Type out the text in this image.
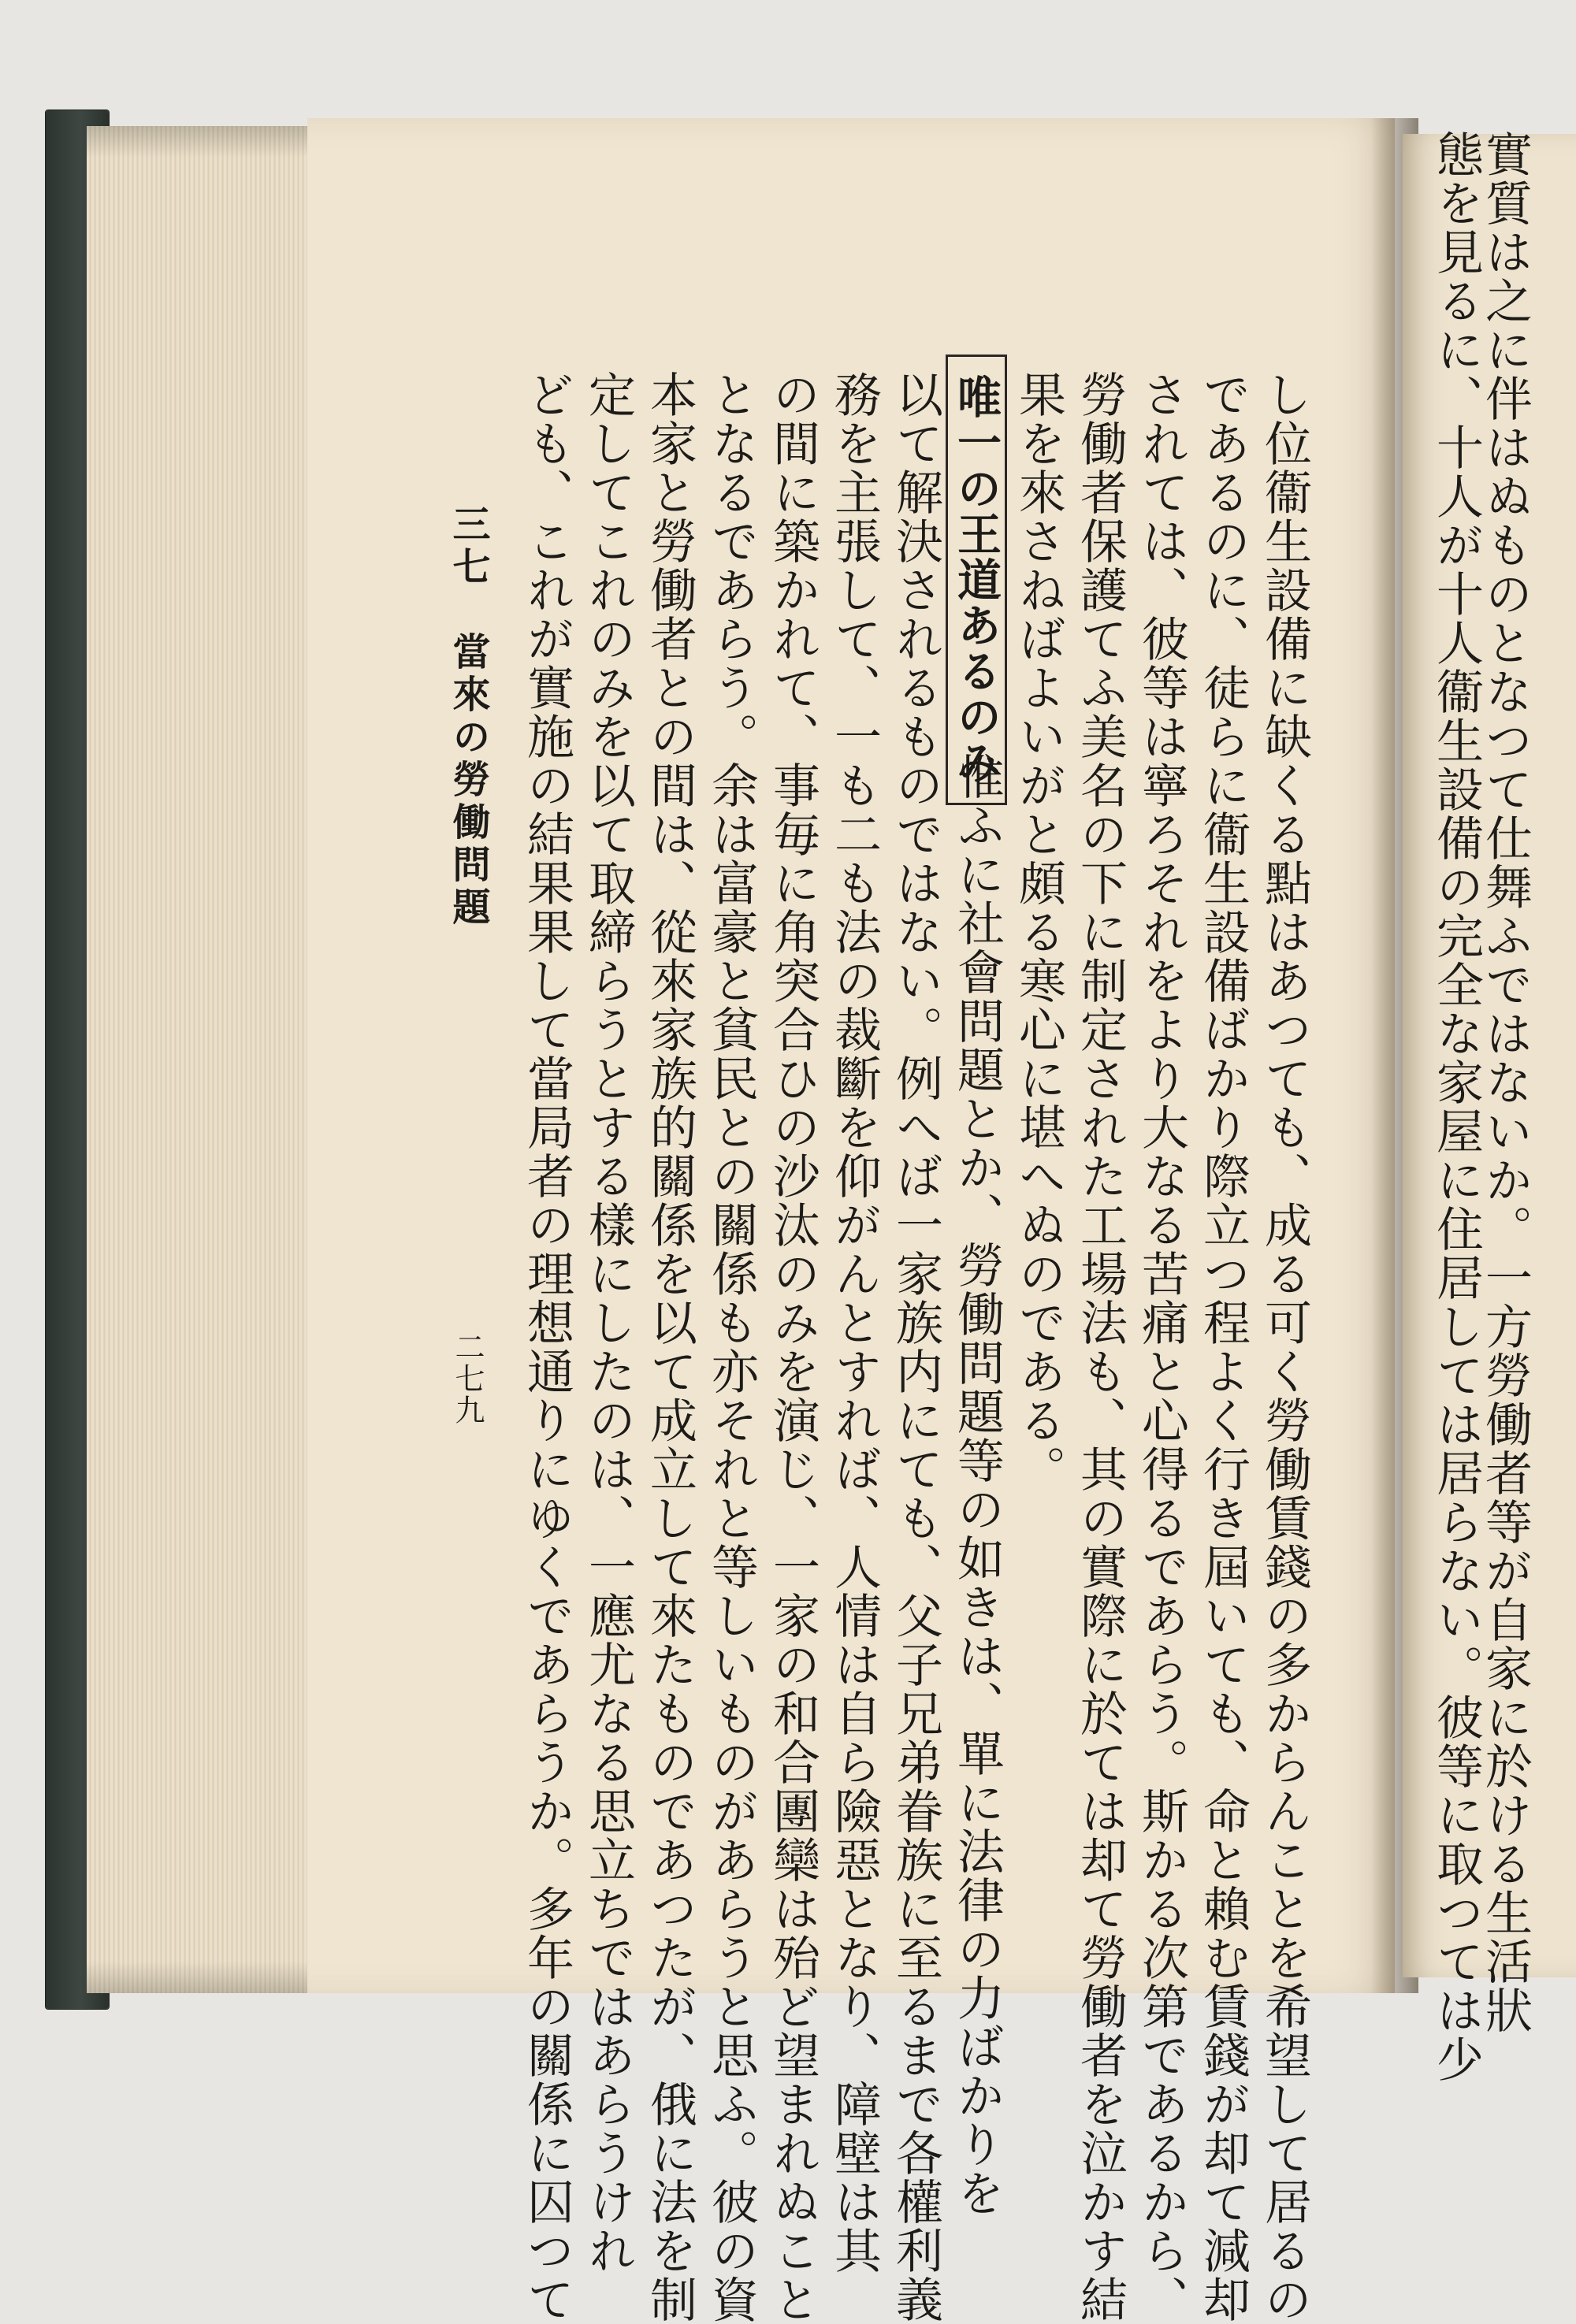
實質は之に伴はぬものとなつて仕舞ふではないか。一方勞働者等が自家に於ける生活狀
態を見るに、十人が十人衞生設備の完全な家屋に住居しては居らない。彼等に取つては少
し位衞生設備に缺くる點はあつても、成る可く勞働賃錢の多からんことを希望して居るの
であるのに、徒らに衞生設備ばかり際立つ程よく行き屆いても、命と賴む賃錢が却て減却
されては、彼等は寧ろそれをより大なる苦痛と心得るであらう。斯かる次第であるから、
勞働者保護てふ美名の下に制定された工場法も、其の實際に於ては却て勞働者を泣かす結
果を來さねばよいがと頗る寒心に堪へぬのである。
唯一の王道あるのみ
惟ふに社會問題とか、勞働問題等の如きは、單に法律の力ばかりを
以て解決されるものではない。例へば一家族内にても、父子兄弟眷族に至るまで各權利義
務を主張して、一も二も法の裁斷を仰がんとすれば、人情は自ら險惡となり、障壁は其
の間に築かれて、事毎に角突合ひの沙汰のみを演じ、一家の和合團欒は殆ど望まれぬこと
となるであらう。余は富豪と貧民との關係も亦それと等しいものがあらうと思ふ。彼の資
本家と勞働者との間は、從來家族的關係を以て成立して來たものであつたが、俄に法を制
定してこれのみを以て取締らうとする樣にしたのは、一應尤なる思立ちではあらうけれ
ども、これが實施の結果果して當局者の理想通りにゆくであらうか。多年の關係に囚つて
三七　當來の勞働問題
二七九
